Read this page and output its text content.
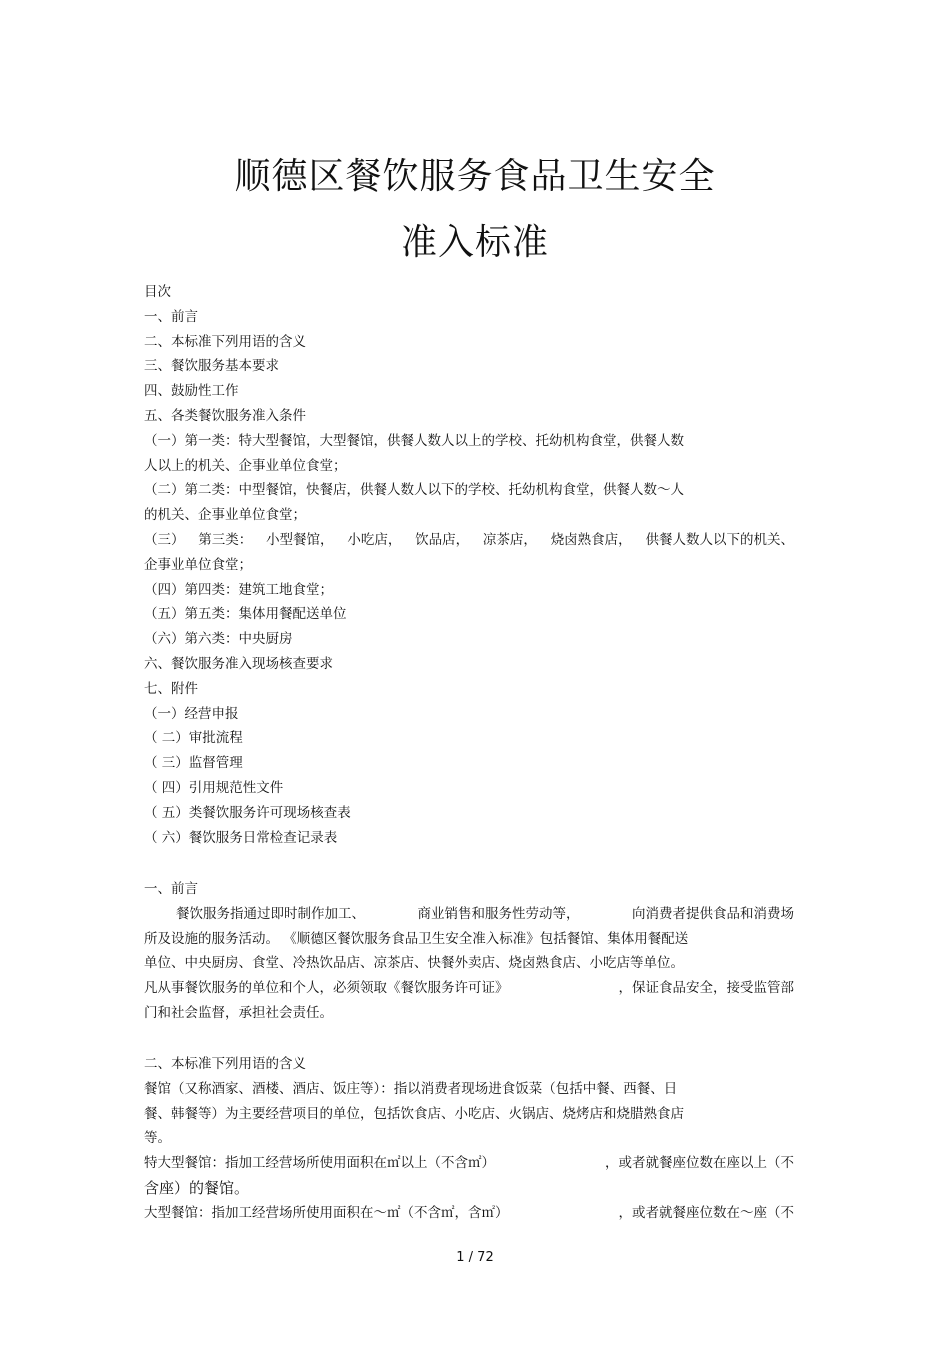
顺德区餐饮服务食品卫生安全
准入标准
目次
一、前言
二、本标准下列用语的含义
三、餐饮服务基本要求
四、鼓励性工作
五、各类餐饮服务准入条件
（一）第一类：特大型餐馆，大型餐馆，供餐人数人以上的学校、托幼机构食堂，供餐人数
人以上的机关、企事业单位食堂；
（二）第二类：中型餐馆，快餐店，供餐人数人以下的学校、托幼机构食堂，供餐人数～人
的机关、企事业单位食堂；
（三） 第三类： 小型餐馆， 小吃店， 饮品店， 凉茶店， 烧卤熟食店， 供餐人数人以下的机关、
企事业单位食堂；
（四）第四类：建筑工地食堂；
（五）第五类：集体用餐配送单位
（六）第六类：中央厨房
六、餐饮服务准入现场核查要求
七、附件
（一）经营申报
（ 二）审批流程
（ 三）监督管理
（ 四）引用规范性文件
（ 五）类餐饮服务许可现场核查表
（ 六）餐饮服务日常检查记录表
一、前言
餐饮服务指通过即时制作加工、	商业销售和服务性劳动等，	向消费者提供食品和消费场
所及设施的服务活动。 《顺德区餐饮服务食品卫生安全准入标准》包括餐馆、集体用餐配送
单位、中央厨房、食堂、冷热饮品店、凉茶店、快餐外卖店、烧卤熟食店、小吃店等单位。
凡从事餐饮服务的单位和个人，必须领取《餐饮服务许可证》	，保证食品安全，接受监管部
门和社会监督，承担社会责任。
二、本标准下列用语的含义
餐馆（又称酒家、酒楼、酒店、饭庄等）：指以消费者现场进食饭菜（包括中餐、西餐、日
餐、韩餐等）为主要经营项目的单位，包括饮食店、小吃店、火锅店、烧烤店和烧腊熟食店
等。
特大型餐馆：指加工经营场所使用面积在㎡以上（不含㎡）	，或者就餐座位数在座以上（不
含座）的餐馆。
大型餐馆：指加工经营场所使用面积在～㎡（不含㎡，含㎡）	，或者就餐座位数在～座（不
1 / 72
